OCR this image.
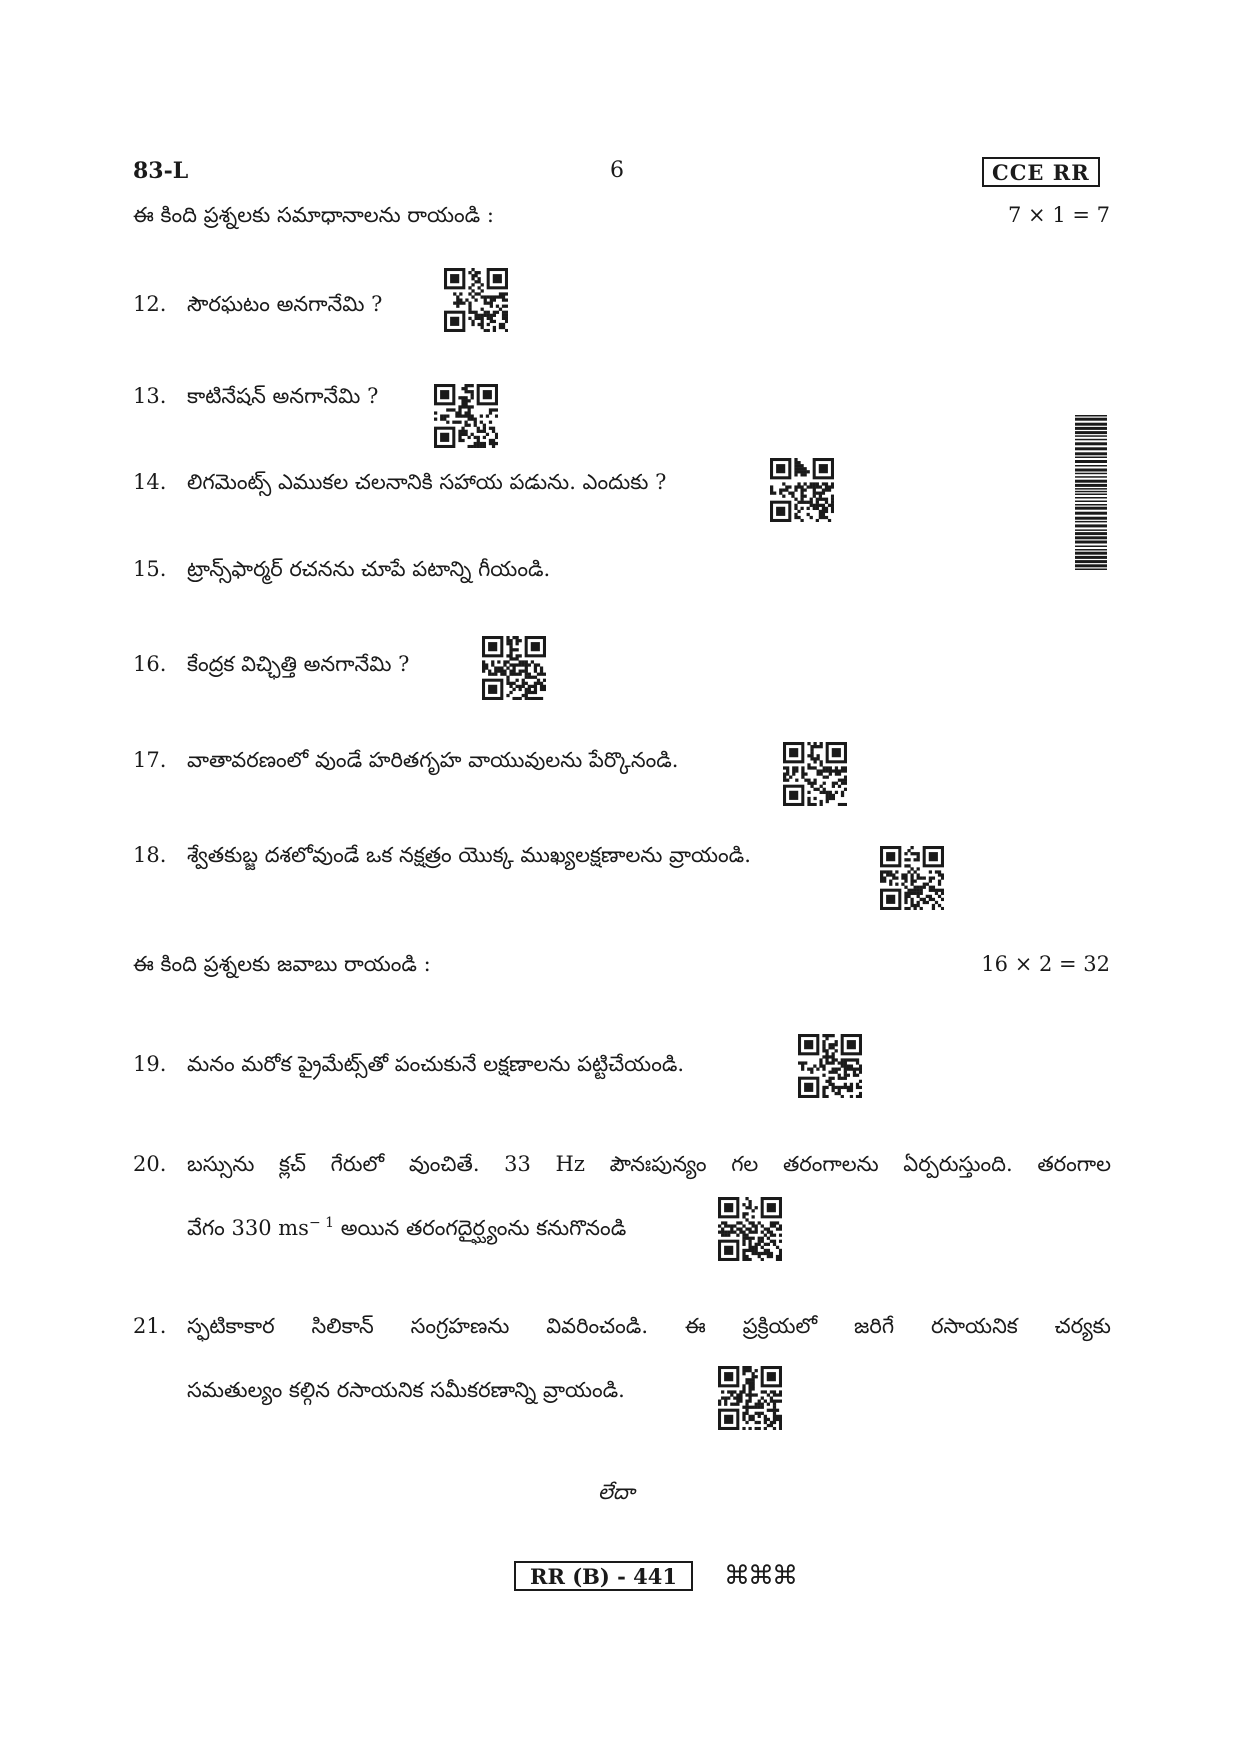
83-L	6	CCE RR
ఈ కింది ప్రశ్నలకు సమాధానాలను రాయండి :	7 × 1 = 7
12. సౌరఘటం అనగానేమి ?
13. కాటినేషన్ అనగానేమి ?
14. లిగమెంట్స్ ఎముకల చలనానికి సహాయ పడును. ఎందుకు ?
15. ట్రాన్స్‌ఫార్మర్ రచనను చూపే పటాన్ని గీయండి.
16. కేంద్రక విచ్ఛిత్తి అనగానేమి ?
17. వాతావరణంలో వుండే హరితగృహ వాయువులను పేర్కొనండి.
18. శ్వేతకుబ్జ దశలోవుండే ఒక నక్షత్రం యొక్క ముఖ్యలక్షణాలను వ్రాయండి.
ఈ కింది ప్రశ్నలకు జవాబు రాయండి :	16 × 2 = 32
19. మనం మరోక ప్రైమేట్స్‌తో పంచుకునే లక్షణాలను పట్టిచేయండి.
20. బస్సును క్లచ్ గేరులో వుంచితే. 33 Hz పౌనఃపున్యం గల తరంగాలను ఏర్పరుస్తుంది. తరంగాల
వేగం 330 $ms^{- 1}$ అయిన తరంగదైర్ఘ్యంను కనుగొనండి
21. స్ఫటికాకార సిలికాన్ సంగ్రహణను వివరించండి. ఈ ప్రక్రియలో జరిగే రసాయనిక చర్యకు
సమతుల్యం కల్గిన రసాయనిక సమీకరణాన్ని వ్రాయండి.
లేదా
RR (B) - 441	⌘⌘⌘
